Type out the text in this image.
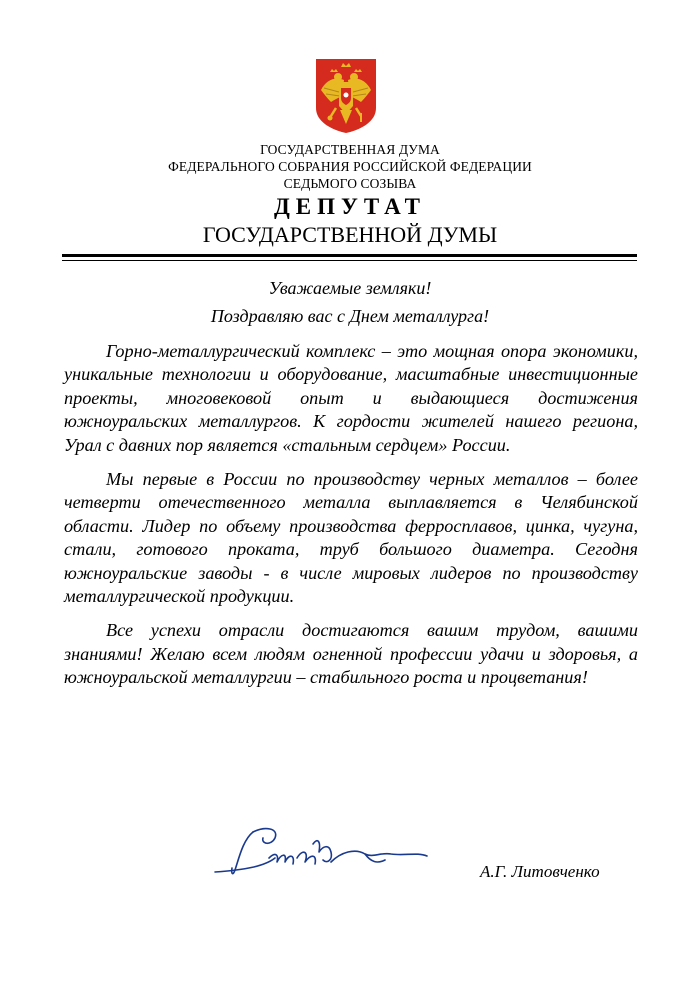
ГОСУДАРСТВЕННАЯ ДУМА
ФЕДЕРАЛЬНОГО СОБРАНИЯ РОССИЙСКОЙ ФЕДЕРАЦИИ
СЕДЬМОГО СОЗЫВА
ДЕПУТАТ
ГОСУДАРСТВЕННОЙ ДУМЫ
Уважаемые земляки!
Поздравляю вас с Днем металлурга!

Горно-металлургический комплекс – это мощная опора экономики, уникальные технологии и оборудование, масштабные инвестиционные проекты, многовековой опыт и выдающиеся достижения южноуральских металлургов. К гордости жителей нашего региона, Урал с давних пор является «стальным сердцем» России.

Мы первые в России по производству черных металлов – более четверти отечественного металла выплавляется в Челябинской области. Лидер по объему производства ферросплавов, цинка, чугуна, стали, готового проката, труб большого диаметра. Сегодня южноуральские заводы - в числе мировых лидеров по производству металлургической продукции.

Все успехи отрасли достигаются вашим трудом, вашими знаниями! Желаю всем людям огненной профессии удачи и здоровья, а южноуральской металлургии – стабильного роста и процветания!

А.Г. Литовченко
